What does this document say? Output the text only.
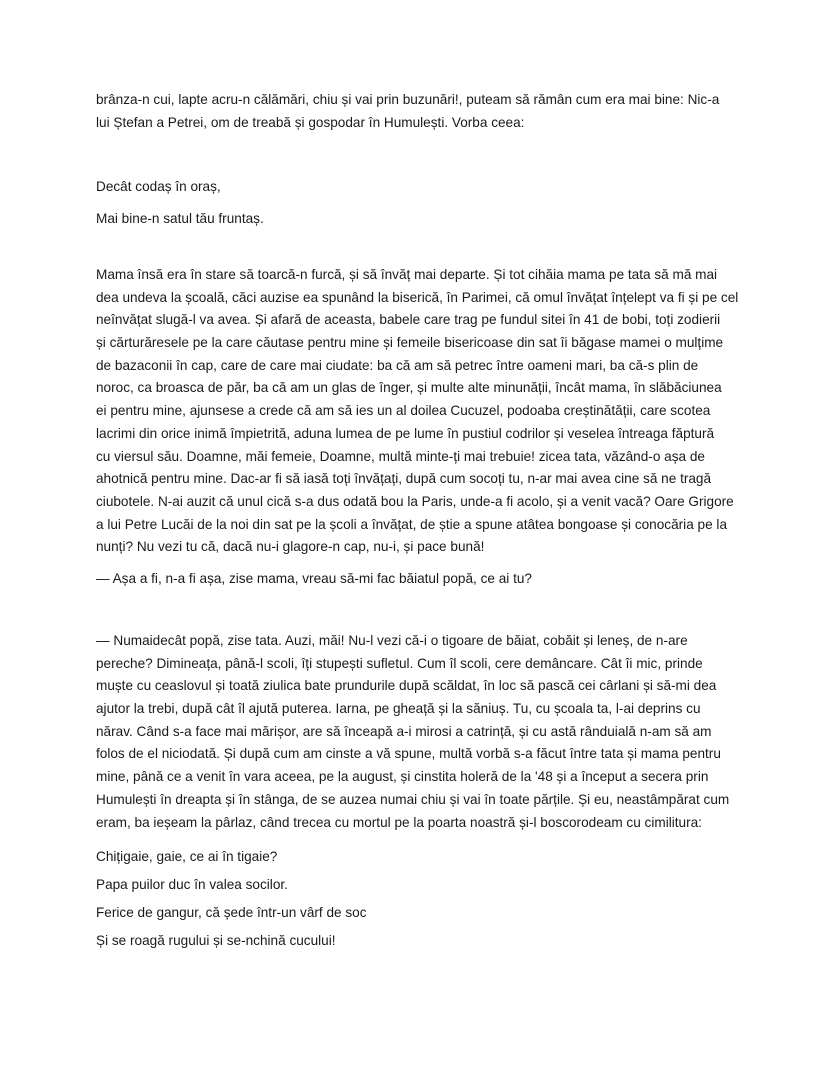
brânza-n cui, lapte acru-n călămări, chiu și vai prin buzunări!, puteam să rămân cum era mai bine: Nic-a
lui Ștefan a Petrei, om de treabă și gospodar în Humulești. Vorba ceea:
Decât codaș în oraș,
Mai bine-n satul tău fruntaș.
Mama însă era în stare să toarcă-n furcă, și să învăț mai departe. Și tot cihăia mama pe tata să mă mai
dea undeva la școală, căci auzise ea spunând la biserică, în Parimei, că omul învățat înțelept va fi și pe cel
neînvățat slugă-l va avea. Și afară de aceasta, babele care trag pe fundul sitei în 41 de bobi, toți zodierii
și cărturăresele pe la care căutase pentru mine și femeile bisericoase din sat îi băgase mamei o mulțime
de bazaconii în cap, care de care mai ciudate: ba că am să petrec între oameni mari, ba că-s plin de
noroc, ca broasca de păr, ba că am un glas de înger, și multe alte minunății, încât mama, în slăbăciunea
ei pentru mine, ajunsese a crede că am să ies un al doilea Cucuzel, podoaba creștinătății, care scotea
lacrimi din orice inimă împietrită, aduna lumea de pe lume în pustiul codrilor și veselea întreaga făptură
cu viersul său. Doamne, măi femeie, Doamne, multă minte-ți mai trebuie! zicea tata, văzând-o așa de
ahotnică pentru mine. Dac-ar fi să iasă toți învățați, după cum socoți tu, n-ar mai avea cine să ne tragă
ciubotele. N-ai auzit că unul cică s-a dus odată bou la Paris, unde-a fi acolo, și a venit vacă? Oare Grigore
a lui Petre Lucăi de la noi din sat pe la școli a învățat, de știe a spune atâtea bongoase și conocăria pe la
nunți? Nu vezi tu că, dacă nu-i glagore-n cap, nu-i, și pace bună!
— Așa a fi, n-a fi așa, zise mama, vreau să-mi fac băiatul popă, ce ai tu?
— Numaidecât popă, zise tata. Auzi, măi! Nu-l vezi că-i o tigoare de băiat, cobăit și leneș, de n-are
pereche? Dimineața, până-l scoli, îți stupești sufletul. Cum îl scoli, cere demâncare. Cât îi mic, prinde
muște cu ceaslovul și toată ziulica bate prundurile după scăldat, în loc să pască cei cârlani și să-mi dea
ajutor la trebi, după cât îl ajută puterea. Iarna, pe gheață și la săniuș. Tu, cu școala ta, l-ai deprins cu
nărav. Când s-a face mai mărișor, are să înceapă a-i mirosi a catrință, și cu astă rânduială n-am să am
folos de el niciodată. Și după cum am cinste a vă spune, multă vorbă s-a făcut între tata și mama pentru
mine, până ce a venit în vara aceea, pe la august, și cinstita holeră de la '48 și a început a secera prin
Humulești în dreapta și în stânga, de se auzea numai chiu și vai în toate părțile. Și eu, neastâmpărat cum
eram, ba ieșeam la pârlaz, când trecea cu mortul pe la poarta noastră și-l boscorodeam cu cimilitura:
Chițigaie, gaie, ce ai în tigaie?
Papa puilor duc în valea socilor.
Ferice de gangur, că șede într-un vârf de soc
Și se roagă rugului și se-nchină cucului!
